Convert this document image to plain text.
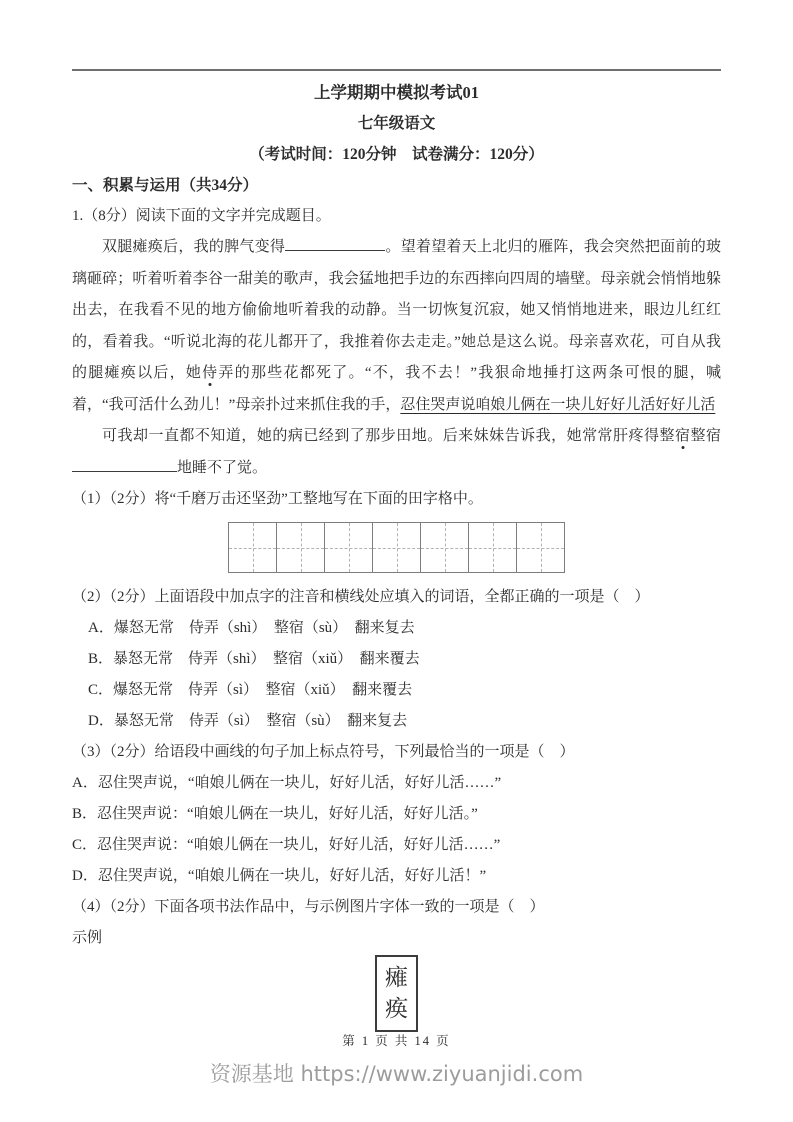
上学期期中模拟考试01
七年级语文
（考试时间：120分钟　试卷满分：120分）
一、积累与运用（共34分）
1.（8分）阅读下面的文字并完成题目。

双腿瘫痪后，我的脾气变得	。望着望着天上北归的雁阵，我会突然把面前的玻璃砸碎；听着听着李谷一甜美的歌声，我会猛地把手边的东西摔向四周的墙壁。母亲就会悄悄地躲出去，在我看不见的地方偷偷地听着我的动静。当一切恢复沉寂，她又悄悄地进来，眼边儿红红的，看着我。“听说北海的花儿都开了，我推着你去走走。”她总是这么说。母亲喜欢花，可自从我的腿瘫痪以后，她侍弄的那些花都死了。“不，我不去！”我狠命地捶打这两条可恨的腿，喊着，“我可活什么劲儿！”母亲扑过来抓住我的手，忍住哭声说咱娘儿俩在一块儿好好儿活好好儿活

可我却一直都不知道，她的病已经到了那步田地。后来妹妹告诉我，她常常肝疼得整宿整宿地睡不了觉。

（1）（2分）将“千磨万击还坚劲”工整地写在下面的田字格中。
（2）（2分）上面语段中加点字的注音和横线处应填入的词语，全都正确的一项是（　）
A．爆怒无常　侍弄（shì）　整宿（sù）　翻来复去
B．暴怒无常　侍弄（shì）　整宿（xiǔ）　翻来覆去
C．爆怒无常　侍弄（sì）　整宿（xiǔ）　翻来覆去
D．暴怒无常　侍弄（sì）　整宿（sù）　翻来复去
（3）（2分）给语段中画线的句子加上标点符号，下列最恰当的一项是（　）
A．忍住哭声说，“咱娘儿俩在一块儿，好好儿活，好好儿活……”
B．忍住哭声说：“咱娘儿俩在一块儿，好好儿活，好好儿活。”
C．忍住哭声说：“咱娘儿俩在一块儿，好好儿活，好好儿活……”
D．忍住哭声说，“咱娘儿俩在一块儿，好好儿活，好好儿活！”
（4）（2分）下面各项书法作品中，与示例图片字体一致的一项是（　）
示例
瘫
痪
第 1 页 共 14 页
资源基地 https://www.ziyuanjidi.com
